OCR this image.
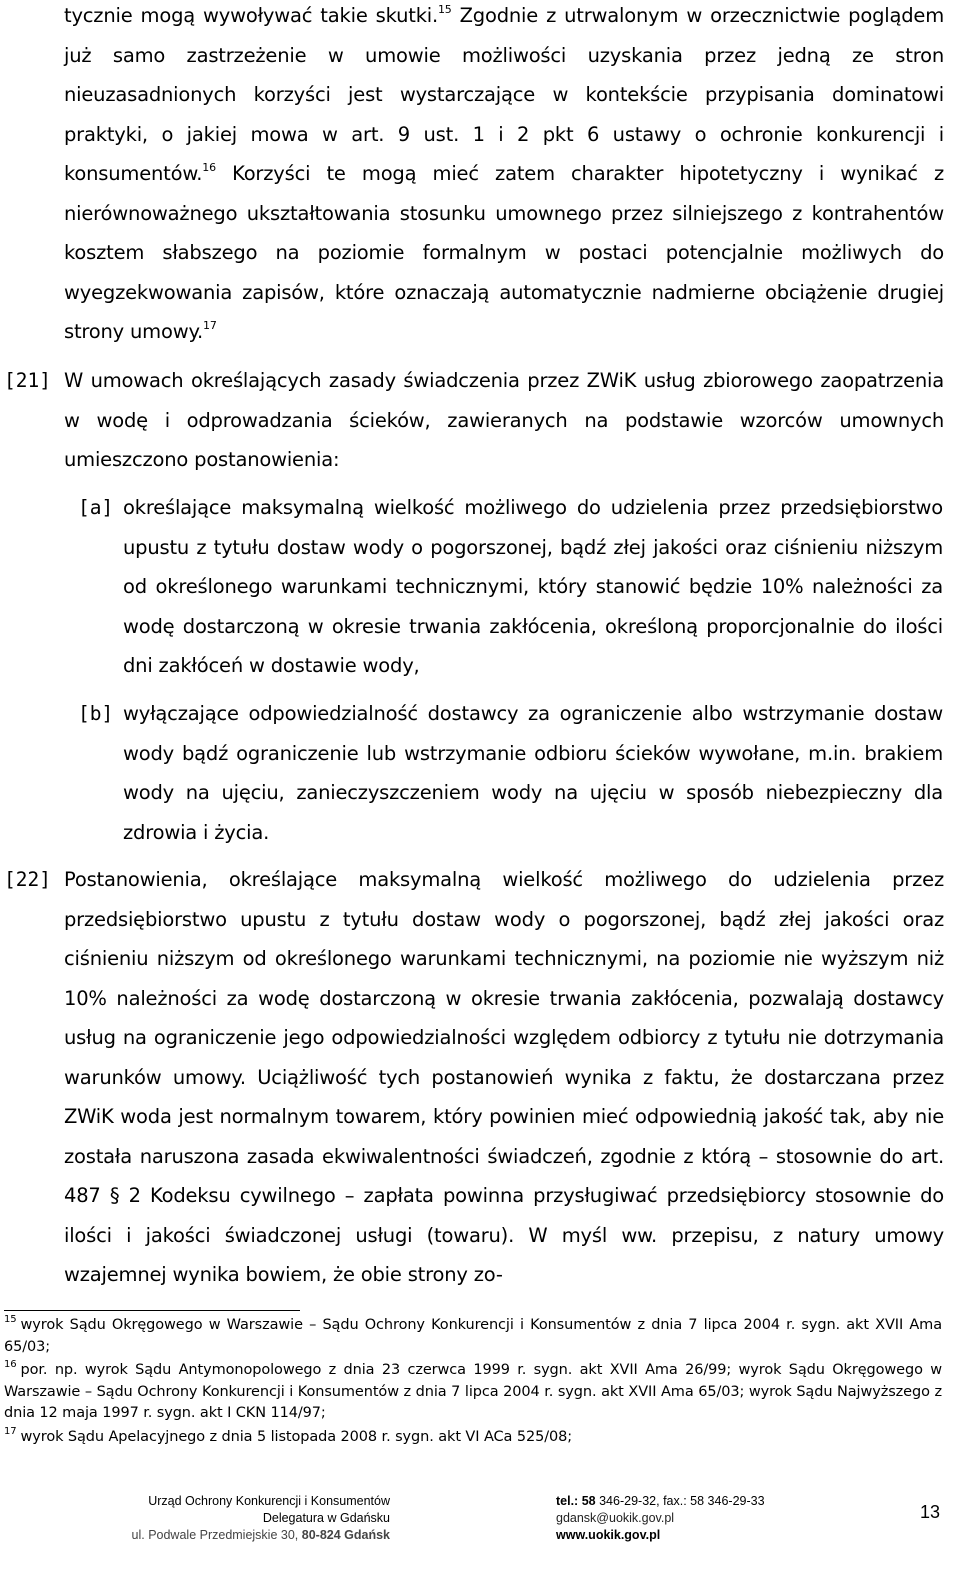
tycznie mogą wywoływać takie skutki.$^{15}$ Zgodnie z utrwalonym w orzecznictwie poglądem już samo zastrzeżenie w umowie możliwości uzyskania przez jedną ze stron nieuzasadnionych korzyści jest wystarczające w kontekście przypisania dominatowi praktyki, o jakiej mowa w art. 9 ust. 1 i 2 pkt 6 ustawy o ochronie konkurencji i konsumentów.$^{16}$ Korzyści te mogą mieć zatem charakter hipotetyczny i wynikać z nierównoważnego ukształtowania stosunku umownego przez silniejszego z kontrahentów kosztem słabszego na poziomie formalnym w postaci potencjalnie możliwych do wyegzekwowania zapisów, które oznaczają automatycznie nadmierne obciążenie drugiej strony umowy.$^{17}$
[21] W umowach określających zasady świadczenia przez ZWiK usług zbiorowego zaopatrzenia w wodę i odprowadzania ścieków, zawieranych na podstawie wzorców umownych umieszczono postanowienia:
[a] określające maksymalną wielkość możliwego do udzielenia przez przedsiębiorstwo upustu z tytułu dostaw wody o pogorszonej, bądź złej jakości oraz ciśnieniu niższym od określonego warunkami technicznymi, który stanowić będzie 10% należności za wodę dostarczoną w okresie trwania zakłócenia, określoną proporcjonalnie do ilości dni zakłóceń w dostawie wody,
[b] wyłączające odpowiedzialność dostawcy za ograniczenie albo wstrzymanie dostaw wody bądź ograniczenie lub wstrzymanie odbioru ścieków wywołane, m.in. brakiem wody na ujęciu, zanieczyszczeniem wody na ujęciu w sposób niebezpieczny dla zdrowia i życia.
[22] Postanowienia, określające maksymalną wielkość możliwego do udzielenia przez przedsiębiorstwo upustu z tytułu dostaw wody o pogorszonej, bądź złej jakości oraz ciśnieniu niższym od określonego warunkami technicznymi, na poziomie nie wyższym niż 10% należności za wodę dostarczoną w okresie trwania zakłócenia, pozwalają dostawcy usług na ograniczenie jego odpowiedzialności względem odbiorcy z tytułu nie dotrzymania warunków umowy. Uciążliwość tych postanowień wynika z faktu, że dostarczana przez ZWiK woda jest normalnym towarem, który powinien mieć odpowiednią jakość tak, aby nie została naruszona zasada ekwiwalentności świadczeń, zgodnie z którą – stosownie do art. 487 § 2 Kodeksu cywilnego – zapłata powinna przysługiwać przedsiębiorcy stosownie do ilości i jakości świadczonej usługi (towaru). W myśl ww. przepisu, z natury umowy wzajemnej wynika bowiem, że obie strony zo-
$^{15}$ wyrok Sądu Okręgowego w Warszawie – Sądu Ochrony Konkurencji i Konsumentów z dnia 7 lipca 2004 r. sygn. akt XVII Ama 65/03;
$^{16}$ por. np. wyrok Sądu Antymonopolowego z dnia 23 czerwca 1999 r. sygn. akt XVII Ama 26/99; wyrok Sądu Okręgowego w Warszawie – Sądu Ochrony Konkurencji i Konsumentów z dnia 7 lipca 2004 r. sygn. akt XVII Ama 65/03; wyrok Sądu Najwyższego z dnia 12 maja 1997 r. sygn. akt I CKN 114/97;
$^{17}$ wyrok Sądu Apelacyjnego z dnia 5 listopada 2008 r. sygn. akt VI ACa 525/08;
Urząd Ochrony Konkurencji i Konsumentów
Delegatura w Gdańsku
ul. Podwale Przedmiejskie 30, 80-824 Gdańsk
tel.: 58 346-29-32, fax.: 58 346-29-33
gdansk@uokik.gov.pl
www.uokik.gov.pl
13
